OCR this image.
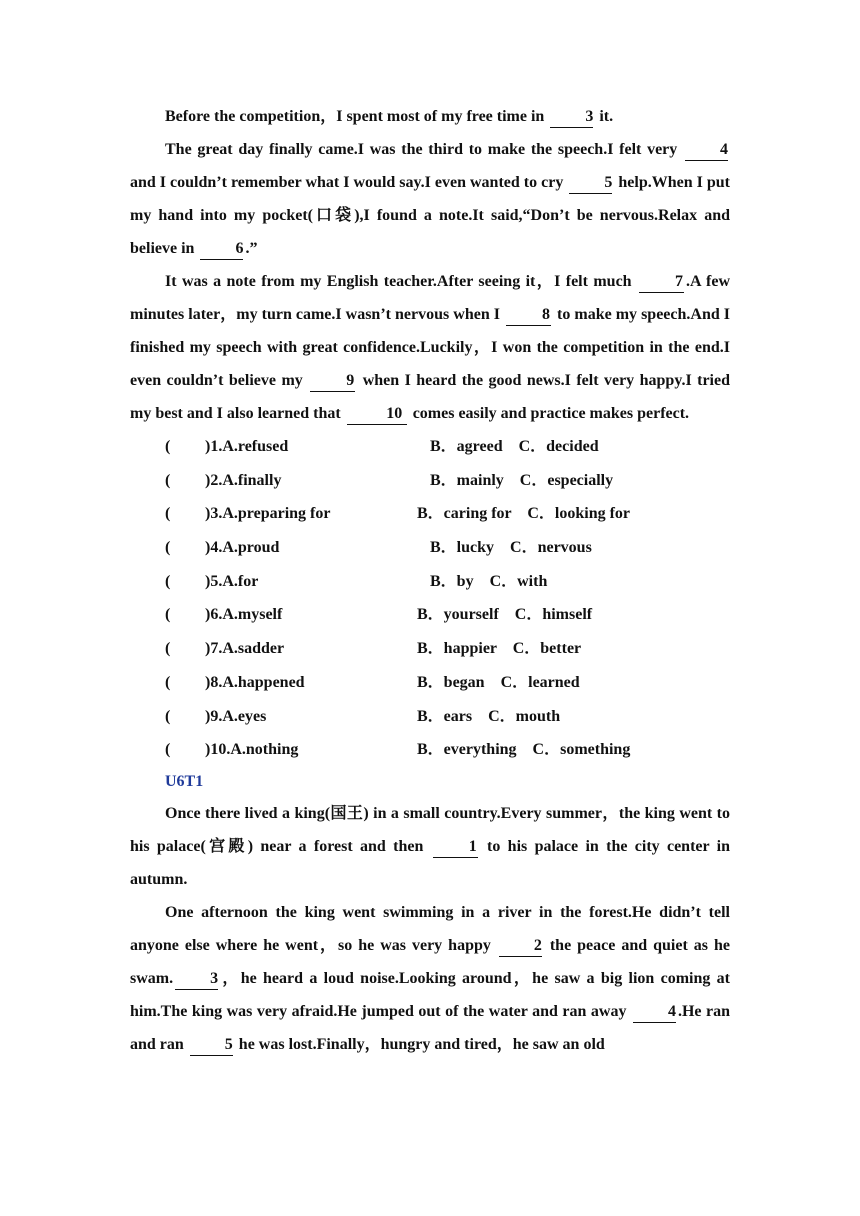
Before the competition，I spent most of my free time in 3 it.

The great day finally came.I was the third to make the speech.I felt very 4 and I couldn’t remember what I would say.I even wanted to cry 5 help.When I put my hand into my pocket(口袋),I found a note.It said,“Don’t be nervous.Relax and believe in 6 .”

It was a note from my English teacher.After seeing it，I felt much 7 .A few minutes later，my turn came.I wasn’t nervous when I 8 to make my speech.And I finished my speech with great confidence.Luckily，I won the competition in the end.I even couldn’t believe my 9 when I heard the good news.I felt very happy.I tried my best and I also learned that	10 comes easily and practice makes perfect.

( )1.A.refused	B．agreed　C．decided
( )2.A.finally	B．mainly　C．especially
( )3.A.preparing for	B．caring for　C．looking for
( )4.A.proud	B．lucky　C．nervous
( )5.A.for	B．by　C．with
( )6.A.myself	B．yourself　C．himself
( )7.A.sadder	B．happier　C．better
( )8.A.happened	B．began　C．learned
( )9.A.eyes	B．ears　C．mouth
( )10.A.nothing	B．everything　C．something
U6T1

Once there lived a king(国王) in a small country.Every summer，the king went to his palace(宫殿) near a forest and then 1 to his palace in the city center in autumn.

One afternoon the king went swimming in a river in the forest.He didn’t tell anyone else where he went，so he was very happy 2 the peace and quiet as he swam. 3 ，he heard a loud noise.Looking around，he saw a big lion coming at him.The king was very afraid.He jumped out of the water and ran away 4 .He ran and ran 5 he was lost.Finally，hungry and tired，he saw an old
